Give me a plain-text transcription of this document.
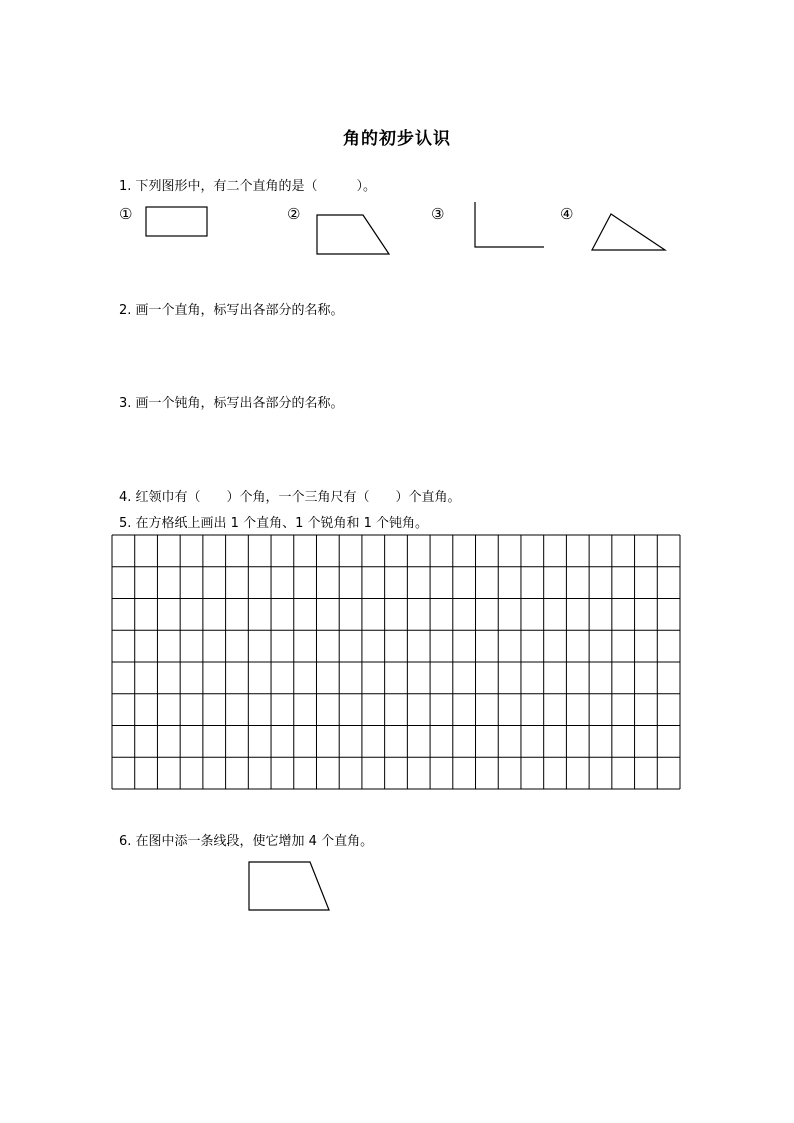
角的初步认识
1. 下列图形中，有二个直角的是（　　　）。
①	②	③	④
2. 画一个直角，标写出各部分的名称。
3. 画一个钝角，标写出各部分的名称。
4. 红领巾有（　　）个角，一个三角尺有（　　）个直角。
5. 在方格纸上画出 1 个直角、1 个锐角和 1 个钝角。
6. 在图中添一条线段，使它增加 4 个直角。
